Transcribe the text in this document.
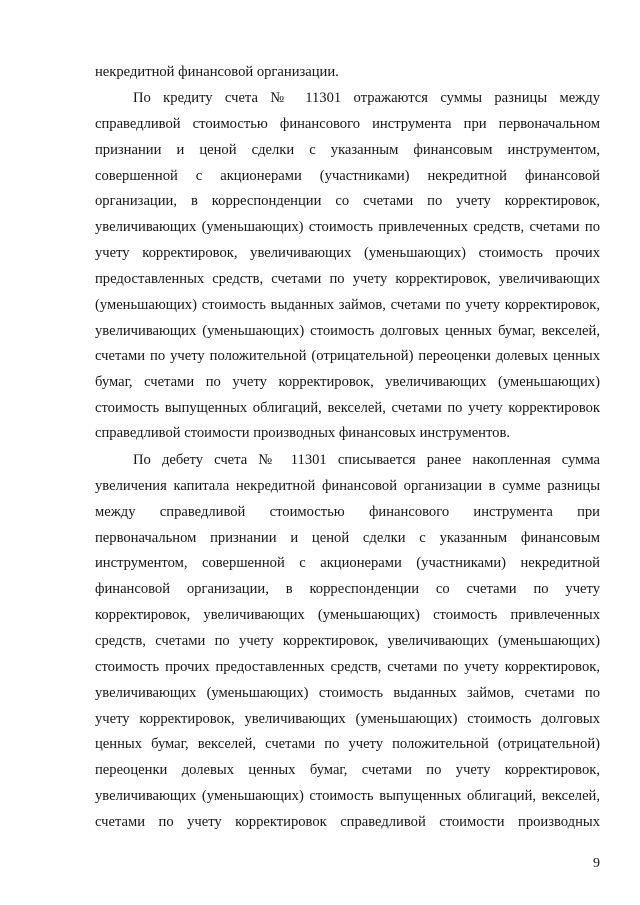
некредитной финансовой организации.
По кредиту счета № 11301 отражаются суммы разницы между
справедливой стоимостью финансового инструмента при первоначальном
признании и ценой сделки с указанным финансовым инструментом,
совершенной с акционерами (участниками) некредитной финансовой
организации, в корреспонденции со счетами по учету корректировок,
увеличивающих (уменьшающих) стоимость привлеченных средств, счетами по
учету корректировок, увеличивающих (уменьшающих) стоимость прочих
предоставленных средств, счетами по учету корректировок, увеличивающих
(уменьшающих) стоимость выданных займов, счетами по учету корректировок,
увеличивающих (уменьшающих) стоимость долговых ценных бумаг, векселей,
счетами по учету положительной (отрицательной) переоценки долевых ценных
бумаг, счетами по учету корректировок, увеличивающих (уменьшающих)
стоимость выпущенных облигаций, векселей, счетами по учету корректировок
справедливой стоимости производных финансовых инструментов.
По дебету счета № 11301 списывается ранее накопленная сумма
увеличения капитала некредитной финансовой организации в сумме разницы
между справедливой стоимостью финансового инструмента при
первоначальном признании и ценой сделки с указанным финансовым
инструментом, совершенной с акционерами (участниками) некредитной
финансовой организации, в корреспонденции со счетами по учету
корректировок, увеличивающих (уменьшающих) стоимость привлеченных
средств, счетами по учету корректировок, увеличивающих (уменьшающих)
стоимость прочих предоставленных средств, счетами по учету корректировок,
увеличивающих (уменьшающих) стоимость выданных займов, счетами по
учету корректировок, увеличивающих (уменьшающих) стоимость долговых
ценных бумаг, векселей, счетами по учету положительной (отрицательной)
переоценки долевых ценных бумаг, счетами по учету корректировок,
увеличивающих (уменьшающих) стоимость выпущенных облигаций, векселей,
счетами по учету корректировок справедливой стоимости производных
9
